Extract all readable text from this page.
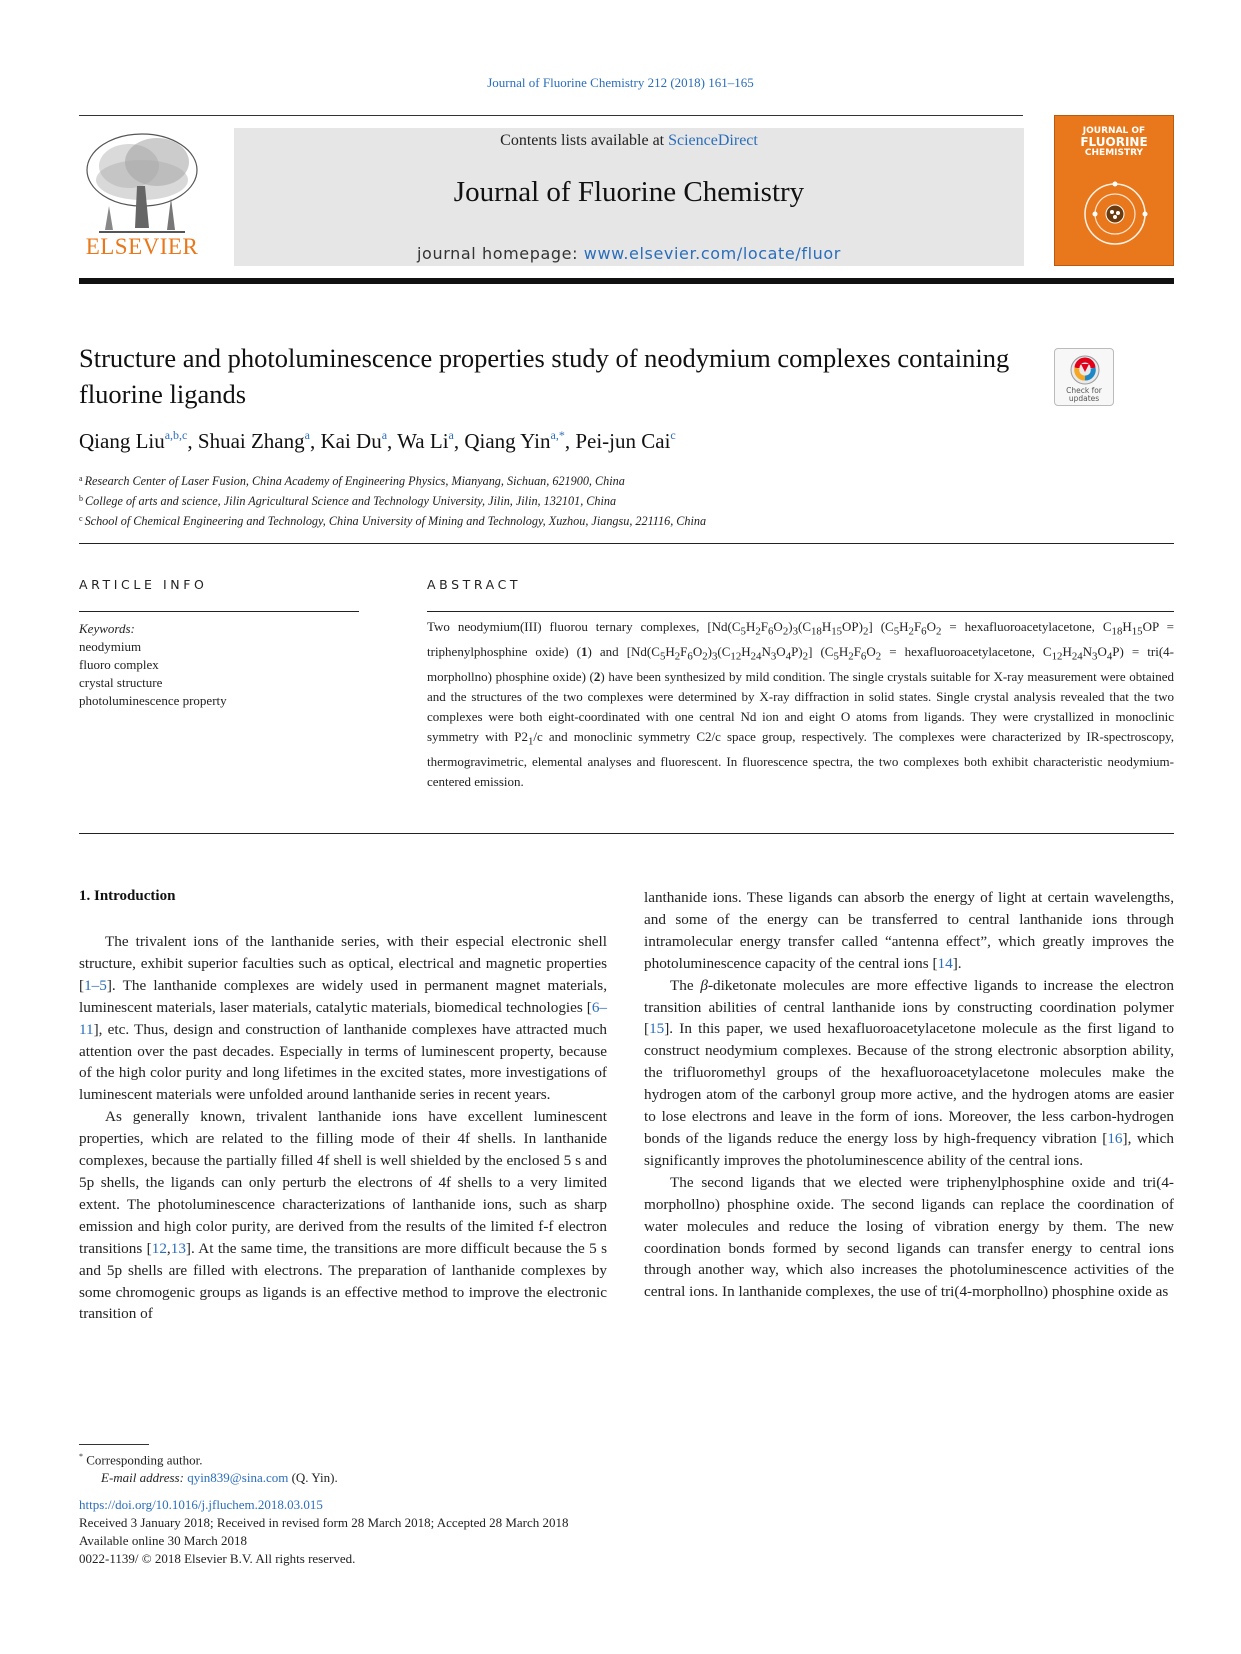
Journal of Fluorine Chemistry 212 (2018) 161–165
ELSEVIER
Contents lists available at ScienceDirect
Journal of Fluorine Chemistry
journal homepage: www.elsevier.com/locate/fluor
JOURNAL OF
FLUORINE
CHEMISTRY
Structure and photoluminescence properties study of neodymium complexes containing fluorine ligands	Check for updates
Qiang Liu$^{a,b,c}$, Shuai Zhang$^a$, Kai Du$^a$, Wa Li$^a$, Qiang Yin$^{a,*}$, Pei-jun Cai$^c$
$^a$ Research Center of Laser Fusion, China Academy of Engineering Physics, Mianyang, Sichuan, 621900, China
$^b$ College of arts and science, Jilin Agricultural Science and Technology University, Jilin, Jilin, 132101, China
$^c$ School of Chemical Engineering and Technology, China University of Mining and Technology, Xuzhou, Jiangsu, 221116, China
ARTICLE INFO	ABSTRACT
Keywords:
neodymium
fluoro complex
crystal structure
photoluminescence property
Two neodymium(III) fluorou ternary complexes, $[Nd(C_5H_2F_6O_2)_3(C_{18}H_{15}OP)_2] (C_5H_2F_6O_2$ = hexafluoroacetylacetone, $C_{18}H_{15}OP$ = triphenylphosphine oxide) (1) and $[Nd(C_5H_2F_6O_2)_3(C_{12}H_{24}N_3O_4P)_2] (C_5H_2F_6O_2$ = hexafluoroacetylacetone, $C_{12}H_{24}N_3O_4P$) = tri(4-morphollno) phosphine oxide) (2) have been synthesized by mild condition. The single crystals suitable for X-ray measurement were obtained and the structures of the two complexes were determined by X-ray diffraction in solid states. Single crystal analysis revealed that the two complexes were both eight-coordinated with one central Nd ion and eight O atoms from ligands. They were crystallized in monoclinic symmetry with $P2_1/c$ and monoclinic symmetry C2/c space group, respectively. The complexes were characterized by IR-spectroscopy, thermogravimetric, elemental analyses and fluorescent. In fluorescence spectra, the two complexes both exhibit characteristic neodymium-centered emission.
1. Introduction

The trivalent ions of the lanthanide series, with their especial electronic shell structure, exhibit superior faculties such as optical, electrical and magnetic properties [1–5]. The lanthanide complexes are widely used in permanent magnet materials, luminescent materials, laser materials, catalytic materials, biomedical technologies [6–11], etc. Thus, design and construction of lanthanide complexes have attracted much attention over the past decades. Especially in terms of luminescent property, because of the high color purity and long lifetimes in the excited states, more investigations of luminescent materials were unfolded around lanthanide series in recent years.

As generally known, trivalent lanthanide ions have excellent luminescent properties, which are related to the filling mode of their 4f shells. In lanthanide complexes, because the partially filled 4f shell is well shielded by the enclosed 5 s and 5p shells, the ligands can only perturb the electrons of 4f shells to a very limited extent. The photoluminescence characterizations of lanthanide ions, such as sharp emission and high color purity, are derived from the results of the limited f-f electron transitions [12,13]. At the same time, the transitions are more difficult because the 5 s and 5p shells are filled with electrons. The preparation of lanthanide complexes by some chromogenic groups as ligands is an effective method to improve the electronic transition of

lanthanide ions. These ligands can absorb the energy of light at certain wavelengths, and some of the energy can be transferred to central lanthanide ions through intramolecular energy transfer called “antenna effect”, which greatly improves the photoluminescence capacity of the central ions [14].

The β-diketonate molecules are more effective ligands to increase the electron transition abilities of central lanthanide ions by constructing coordination polymer [15]. In this paper, we used hexafluoroacetylacetone molecule as the first ligand to construct neodymium complexes. Because of the strong electronic absorption ability, the trifluoromethyl groups of the hexafluoroacetylacetone molecules make the hydrogen atom of the carbonyl group more active, and the hydrogen atoms are easier to lose electrons and leave in the form of ions. Moreover, the less carbon-hydrogen bonds of the ligands reduce the energy loss by high-frequency vibration [16], which significantly improves the photoluminescence ability of the central ions.

The second ligands that we elected were triphenylphosphine oxide and tri(4-morphollno) phosphine oxide. The second ligands can replace the coordination of water molecules and reduce the losing of vibration energy by them. The new coordination bonds formed by second ligands can transfer energy to central ions through another way, which also increases the photoluminescence activities of the central ions. In lanthanide complexes, the use of tri(4-morphollno) phosphine oxide as

* Corresponding author.
E-mail address: qyin839@sina.com (Q. Yin).
https://doi.org/10.1016/j.jfluchem.2018.03.015
Received 3 January 2018; Received in revised form 28 March 2018; Accepted 28 March 2018
Available online 30 March 2018
0022-1139/ © 2018 Elsevier B.V. All rights reserved.
